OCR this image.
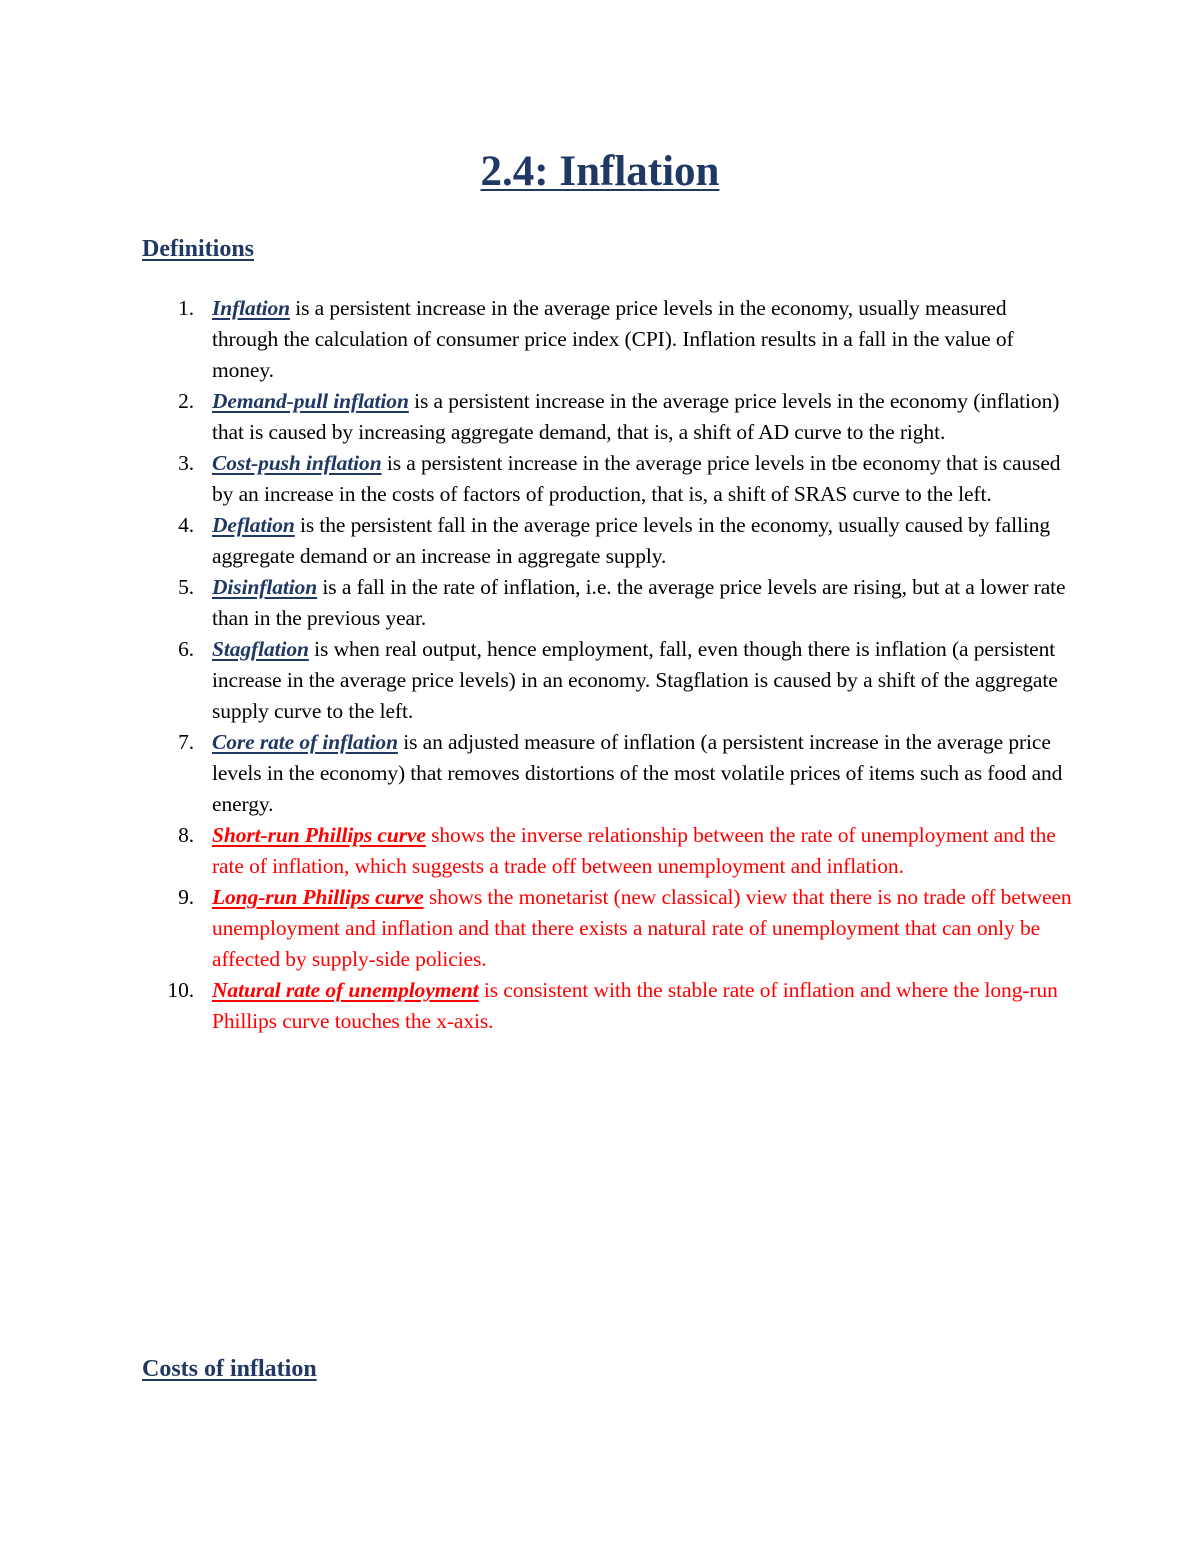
2.4: Inflation
Definitions
1. Inflation is a persistent increase in the average price levels in the economy, usually measured through the calculation of consumer price index (CPI). Inflation results in a fall in the value of money.
2. Demand-pull inflation is a persistent increase in the average price levels in the economy (inflation) that is caused by increasing aggregate demand, that is, a shift of AD curve to the right.
3. Cost-push inflation is a persistent increase in the average price levels in tbe economy that is caused by an increase in the costs of factors of production, that is, a shift of SRAS curve to the left.
4. Deflation is the persistent fall in the average price levels in the economy, usually caused by falling aggregate demand or an increase in aggregate supply.
5. Disinflation is a fall in the rate of inflation, i.e. the average price levels are rising, but at a lower rate than in the previous year.
6. Stagflation is when real output, hence employment, fall, even though there is inflation (a persistent increase in the average price levels) in an economy. Stagflation is caused by a shift of the aggregate supply curve to the left.
7. Core rate of inflation is an adjusted measure of inflation (a persistent increase in the average price levels in the economy) that removes distortions of the most volatile prices of items such as food and energy.
8. Short-run Phillips curve shows the inverse relationship between the rate of unemployment and the rate of inflation, which suggests a trade off between unemployment and inflation.
9. Long-run Phillips curve shows the monetarist (new classical) view that there is no trade off between unemployment and inflation and that there exists a natural rate of unemployment that can only be affected by supply-side policies.
10. Natural rate of unemployment is consistent with the stable rate of inflation and where the long-run Phillips curve touches the x-axis.
Costs of inflation
